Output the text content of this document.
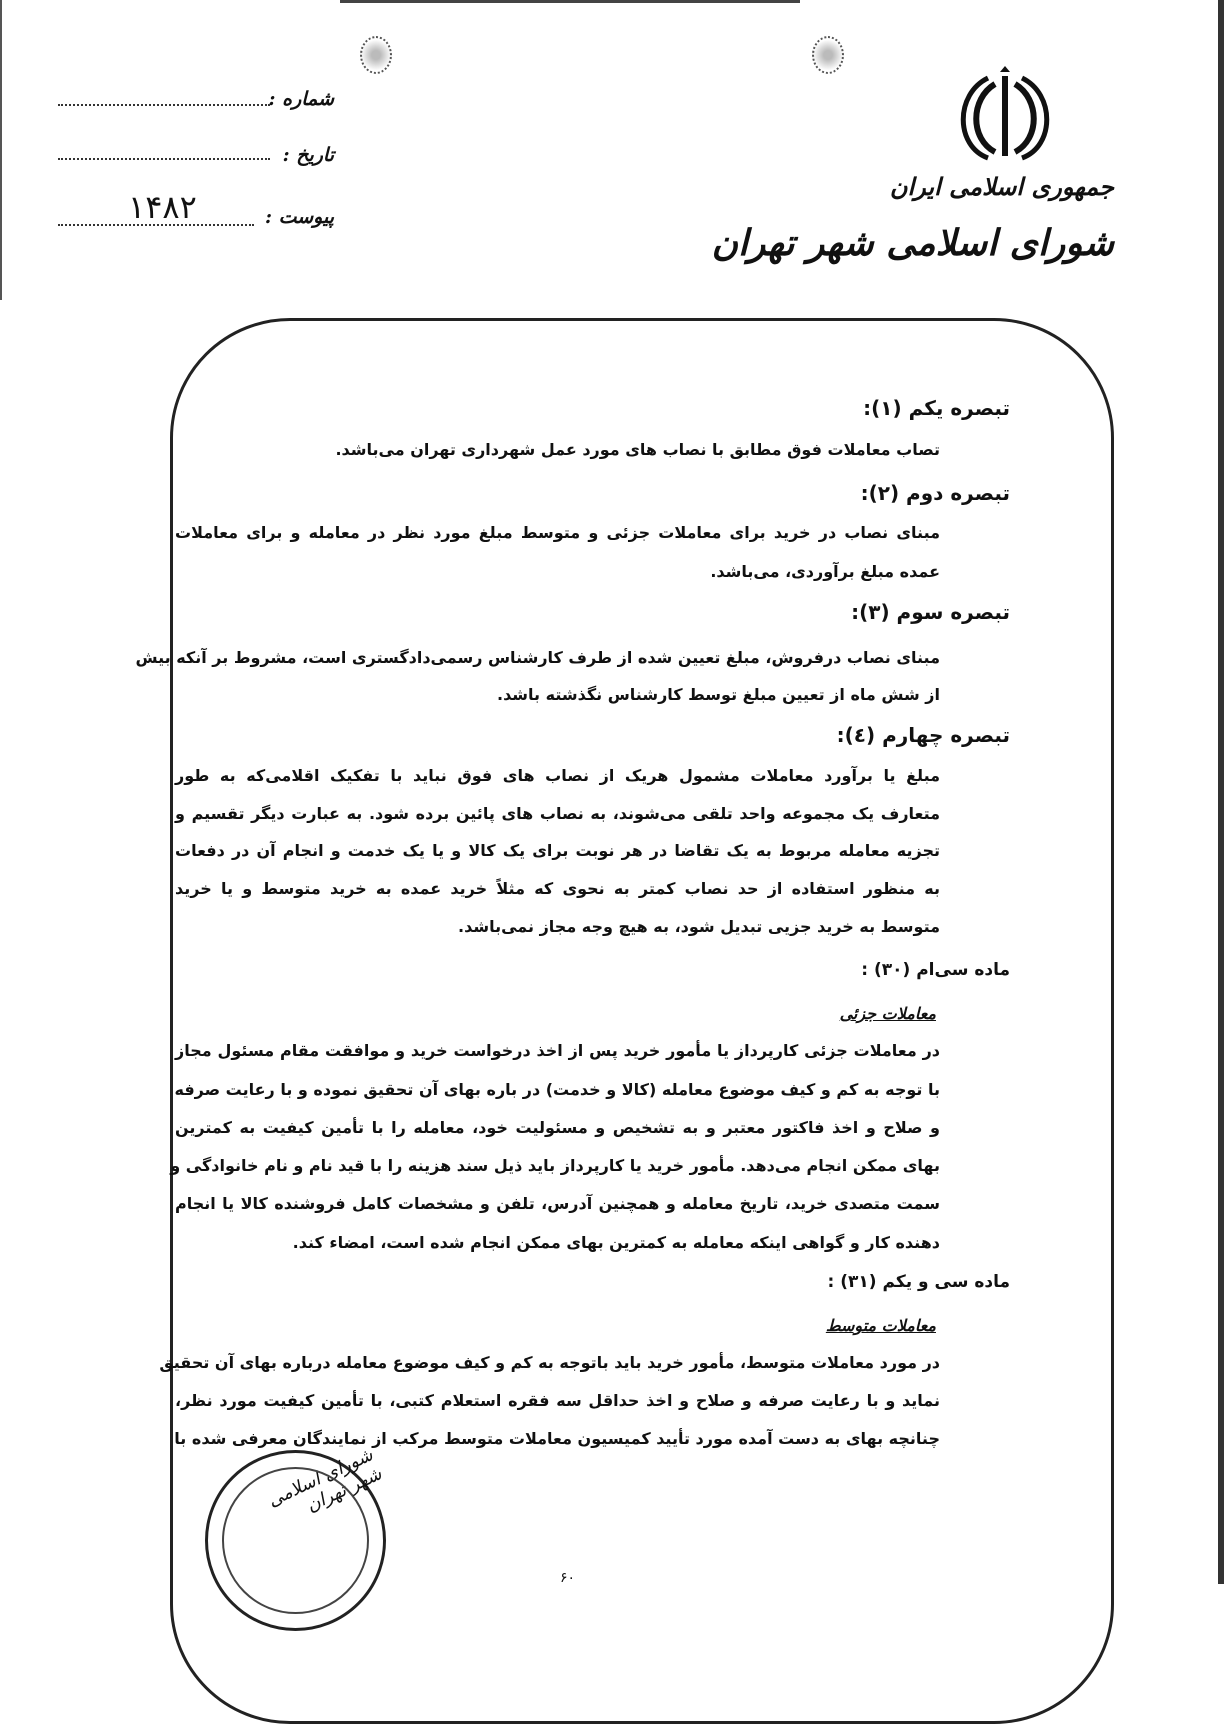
جمهوری اسلامی ایران
شورای اسلامی شهر تهران
شماره :
تاریخ :
پیوست :
۱۴۸۲
تبصره یکم (۱):
تصاب معاملات فوق مطابق با نصاب های مورد عمل شهرداری تهران می‌باشد.
تبصره دوم (۲):
مبنای نصاب در خرید برای معاملات جزئی و متوسط مبلغ مورد نظر در معامله و برای معاملات
عمده مبلغ برآوردی، می‌باشد.
تبصره سوم (۳):
مبنای نصاب درفروش، مبلغ تعیین شده از طرف کارشناس رسمی‌دادگستری است، مشروط بر آنکه بیش
از شش ماه از تعیین مبلغ توسط کارشناس نگذشته باشد.
تبصره چهارم (٤):
مبلغ یا برآورد معاملات مشمول هریک از نصاب های فوق نباید با تفکیک اقلامی‌که به طور
متعارف یک مجموعه واحد تلقی می‌شوند، به نصاب های پائین برده شود. به عبارت دیگر تقسیم و
تجزیه معامله مربوط به یک تقاضا در هر نوبت برای یک کالا و یا یک خدمت و انجام آن در دفعات
به منظور استفاده از حد نصاب کمتر به نحوی که مثلاً خرید عمده به خرید متوسط و یا خرید
متوسط به خرید جزیی تبدیل شود، به هیچ وجه مجاز نمی‌باشد.
ماده سی‌ام (۳۰) :
معاملات جزئی
در معاملات جزئی کارپرداز یا مأمور خرید پس از اخذ درخواست خرید و موافقت مقام مسئول مجاز
با توجه به کم و کیف موضوع معامله (کالا و خدمت) در باره بهای آن تحقیق نموده و با رعایت صرفه
و صلاح و اخذ فاکتور معتبر و به تشخیص و مسئولیت خود، معامله را با تأمین کیفیت به کمترین
بهای ممکن انجام می‌دهد. مأمور خرید یا کارپرداز باید ذیل سند هزینه را با قید نام و نام خانوادگی و
سمت متصدی خرید، تاریخ معامله و همچنین آدرس، تلفن و مشخصات کامل فروشنده کالا یا انجام
دهنده کار و گواهی اینکه معامله به کمترین بهای ممکن انجام شده است، امضاء کند.
ماده سی و یکم (۳۱) :
معاملات متوسط
در مورد معاملات متوسط، مأمور خرید باید باتوجه به کم و کیف موضوع معامله درباره بهای آن تحقیق
نماید و با رعایت صرفه و صلاح و اخذ حداقل سه فقره استعلام کتبی، با تأمین کیفیت مورد نظر،
چنانچه بهای به دست آمده مورد تأیید کمیسیون معاملات متوسط مرکب از نمایندگان معرفی شده با
شورای اسلامی شهر تهران
۶۰
